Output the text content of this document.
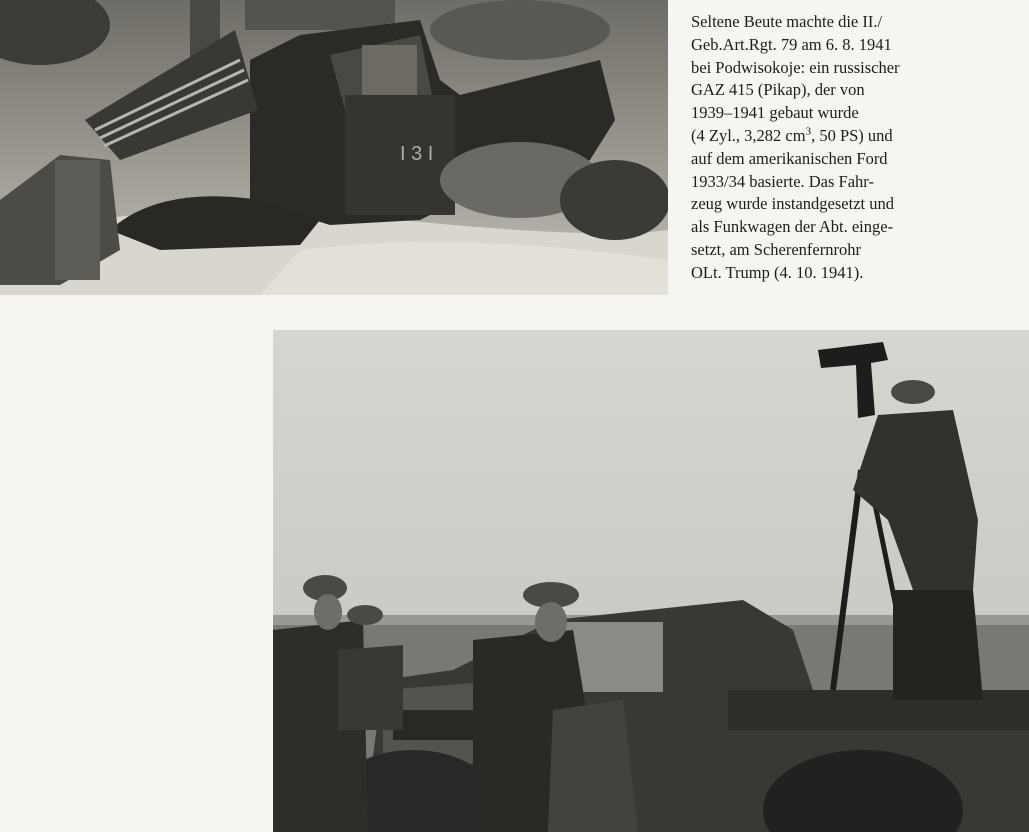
I 3 I
Seltene Beute machte die II./
Geb.Art.Rgt. 79 am 6. 8. 1941
bei Podwisokoje: ein russischer
GAZ 415 (Pikap), der von
1939–1941 gebaut wurde
(4 Zyl., 3,282 $cm^3$, 50 PS) und
auf dem amerikanischen Ford
1933/34 basierte. Das Fahr-
zeug wurde instandgesetzt und
als Funkwagen der Abt. einge-
setzt, am Scherenfernrohr
OLt. Trump (4. 10. 1941).
